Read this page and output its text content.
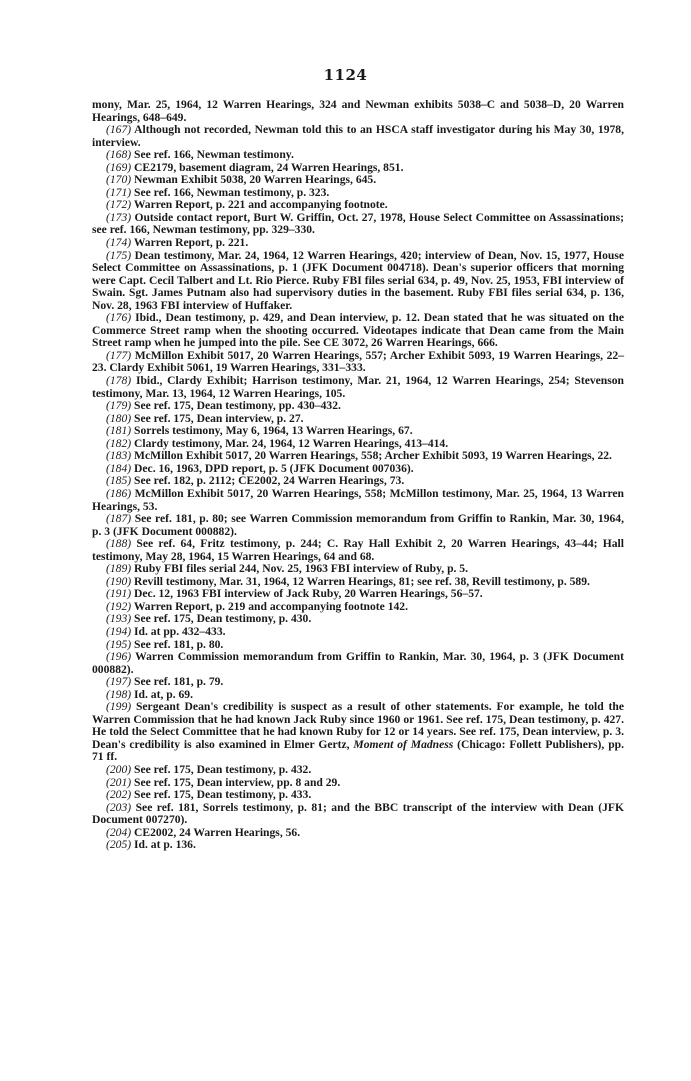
1124

mony, Mar. 25, 1964, 12 Warren Hearings, 324 and Newman exhibits 5038–C and 5038–D, 20 Warren Hearings, 648–649.

(167) Although not recorded, Newman told this to an HSCA staff investigator during his May 30, 1978, interview.

(168) See ref. 166, Newman testimony.

(169) CE2179, basement diagram, 24 Warren Hearings, 851.

(170) Newman Exhibit 5038, 20 Warren Hearings, 645.

(171) See ref. 166, Newman testimony, p. 323.

(172) Warren Report, p. 221 and accompanying footnote.

(173) Outside contact report, Burt W. Griffin, Oct. 27, 1978, House Select Committee on Assassinations; see ref. 166, Newman testimony, pp. 329–330.

(174) Warren Report, p. 221.

(175) Dean testimony, Mar. 24, 1964, 12 Warren Hearings, 420; interview of Dean, Nov. 15, 1977, House Select Committee on Assassinations, p. 1 (JFK Document 004718). Dean's superior officers that morning were Capt. Cecil Talbert and Lt. Rio Pierce. Ruby FBI files serial 634, p. 49, Nov. 25, 1953, FBI interview of Swain. Sgt. James Putnam also had supervisory duties in the basement. Ruby FBI files serial 634, p. 136, Nov. 28, 1963 FBI interview of Huffaker.

(176) Ibid., Dean testimony, p. 429, and Dean interview, p. 12. Dean stated that he was situated on the Commerce Street ramp when the shooting occurred. Videotapes indicate that Dean came from the Main Street ramp when he jumped into the pile. See CE 3072, 26 Warren Hearings, 666.

(177) McMillon Exhibit 5017, 20 Warren Hearings, 557; Archer Exhibit 5093, 19 Warren Hearings, 22–23. Clardy Exhibit 5061, 19 Warren Hearings, 331–333.

(178) Ibid., Clardy Exhibit; Harrison testimony, Mar. 21, 1964, 12 Warren Hearings, 254; Stevenson testimony, Mar. 13, 1964, 12 Warren Hearings, 105.

(179) See ref. 175, Dean testimony, pp. 430–432.

(180) See ref. 175, Dean interview, p. 27.

(181) Sorrels testimony, May 6, 1964, 13 Warren Hearings, 67.

(182) Clardy testimony, Mar. 24, 1964, 12 Warren Hearings, 413–414.

(183) McMillon Exhibit 5017, 20 Warren Hearings, 558; Archer Exhibit 5093, 19 Warren Hearings, 22.

(184) Dec. 16, 1963, DPD report, p. 5 (JFK Document 007036).

(185) See ref. 182, p. 2112; CE2002, 24 Warren Hearings, 73.

(186) McMillon Exhibit 5017, 20 Warren Hearings, 558; McMillon testimony, Mar. 25, 1964, 13 Warren Hearings, 53.

(187) See ref. 181, p. 80; see Warren Commission memorandum from Griffin to Rankin, Mar. 30, 1964, p. 3 (JFK Document 000882).

(188) See ref. 64, Fritz testimony, p. 244; C. Ray Hall Exhibit 2, 20 Warren Hearings, 43–44; Hall testimony, May 28, 1964, 15 Warren Hearings, 64 and 68.

(189) Ruby FBI files serial 244, Nov. 25, 1963 FBI interview of Ruby, p. 5.

(190) Revill testimony, Mar. 31, 1964, 12 Warren Hearings, 81; see ref. 38, Revill testimony, p. 589.

(191) Dec. 12, 1963 FBI interview of Jack Ruby, 20 Warren Hearings, 56–57.

(192) Warren Report, p. 219 and accompanying footnote 142.

(193) See ref. 175, Dean testimony, p. 430.

(194) Id. at pp. 432–433.

(195) See ref. 181, p. 80.

(196) Warren Commission memorandum from Griffin to Rankin, Mar. 30, 1964, p. 3 (JFK Document 000882).

(197) See ref. 181, p. 79.

(198) Id. at, p. 69.

(199) Sergeant Dean's credibility is suspect as a result of other statements. For example, he told the Warren Commission that he had known Jack Ruby since 1960 or 1961. See ref. 175, Dean testimony, p. 427. He told the Select Committee that he had known Ruby for 12 or 14 years. See ref. 175, Dean interview, p. 3. Dean's credibility is also examined in Elmer Gertz, Moment of Madness (Chicago: Follett Publishers), pp. 71 ff.

(200) See ref. 175, Dean testimony, p. 432.

(201) See ref. 175, Dean interview, pp. 8 and 29.

(202) See ref. 175, Dean testimony, p. 433.

(203) See ref. 181, Sorrels testimony, p. 81; and the BBC transcript of the interview with Dean (JFK Document 007270).

(204) CE2002, 24 Warren Hearings, 56.

(205) Id. at p. 136.
